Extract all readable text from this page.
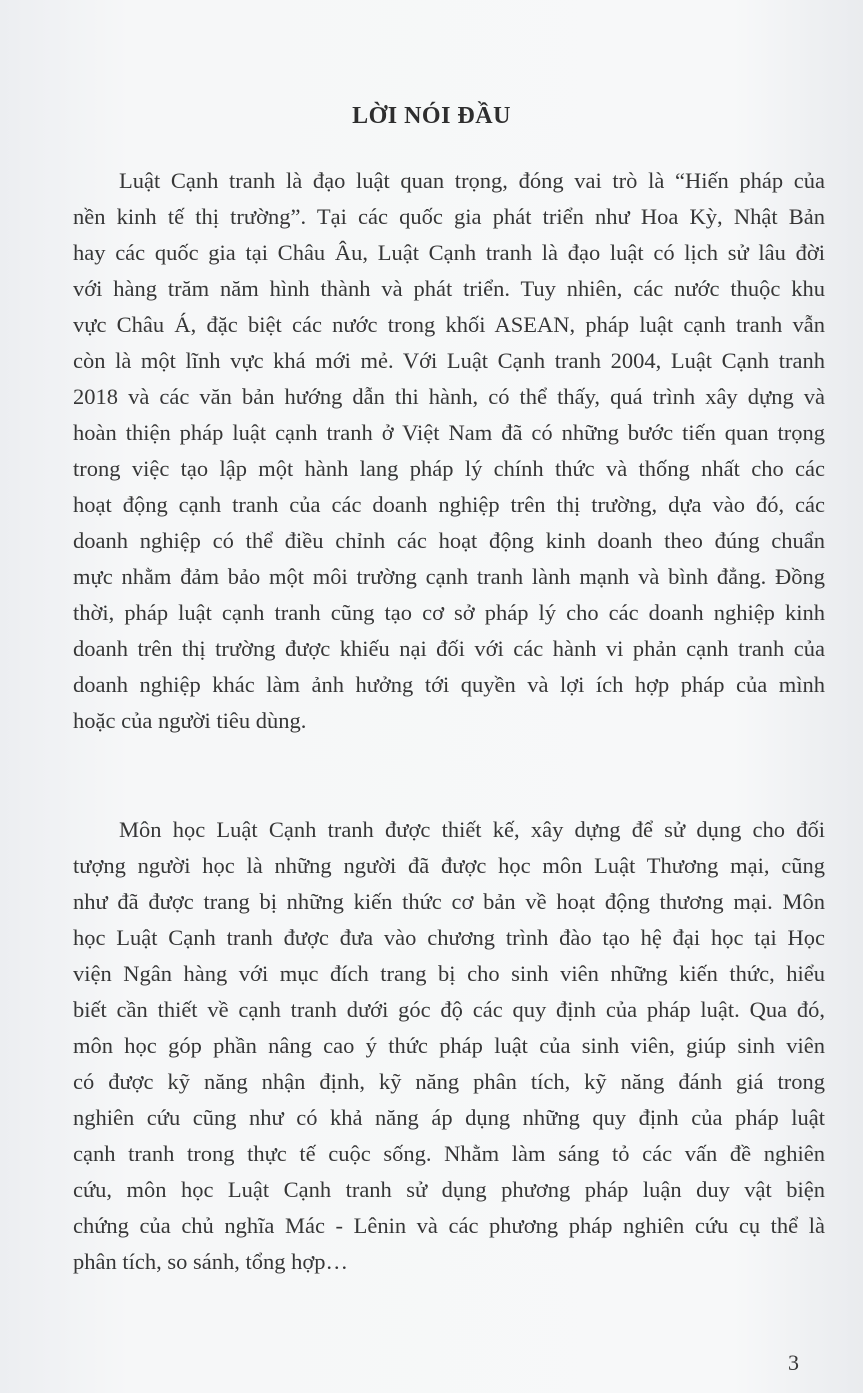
LỜI NÓI ĐẦU
Luật Cạnh tranh là đạo luật quan trọng, đóng vai trò là “Hiến pháp của
nền kinh tế thị trường”. Tại các quốc gia phát triển như Hoa Kỳ, Nhật Bản
hay các quốc gia tại Châu Âu, Luật Cạnh tranh là đạo luật có lịch sử lâu đời
với hàng trăm năm hình thành và phát triển. Tuy nhiên, các nước thuộc khu
vực Châu Á, đặc biệt các nước trong khối ASEAN, pháp luật cạnh tranh vẫn
còn là một lĩnh vực khá mới mẻ. Với Luật Cạnh tranh 2004, Luật Cạnh tranh
2018 và các văn bản hướng dẫn thi hành, có thể thấy, quá trình xây dựng và
hoàn thiện pháp luật cạnh tranh ở Việt Nam đã có những bước tiến quan trọng
trong việc tạo lập một hành lang pháp lý chính thức và thống nhất cho các
hoạt động cạnh tranh của các doanh nghiệp trên thị trường, dựa vào đó, các
doanh nghiệp có thể điều chỉnh các hoạt động kinh doanh theo đúng chuẩn
mực nhằm đảm bảo một môi trường cạnh tranh lành mạnh và bình đẳng. Đồng
thời, pháp luật cạnh tranh cũng tạo cơ sở pháp lý cho các doanh nghiệp kinh
doanh trên thị trường được khiếu nại đối với các hành vi phản cạnh tranh của
doanh nghiệp khác làm ảnh hưởng tới quyền và lợi ích hợp pháp của mình
hoặc của người tiêu dùng.
Môn học Luật Cạnh tranh được thiết kế, xây dựng để sử dụng cho đối
tượng người học là những người đã được học môn Luật Thương mại, cũng
như đã được trang bị những kiến thức cơ bản về hoạt động thương mại. Môn
học Luật Cạnh tranh được đưa vào chương trình đào tạo hệ đại học tại Học
viện Ngân hàng với mục đích trang bị cho sinh viên những kiến thức, hiểu
biết cần thiết về cạnh tranh dưới góc độ các quy định của pháp luật. Qua đó,
môn học góp phần nâng cao ý thức pháp luật của sinh viên, giúp sinh viên
có được kỹ năng nhận định, kỹ năng phân tích, kỹ năng đánh giá trong
nghiên cứu cũng như có khả năng áp dụng những quy định của pháp luật
cạnh tranh trong thực tế cuộc sống. Nhằm làm sáng tỏ các vấn đề nghiên
cứu, môn học Luật Cạnh tranh sử dụng phương pháp luận duy vật biện
chứng của chủ nghĩa Mác - Lênin và các phương pháp nghiên cứu cụ thể là
phân tích, so sánh, tổng hợp…
3
